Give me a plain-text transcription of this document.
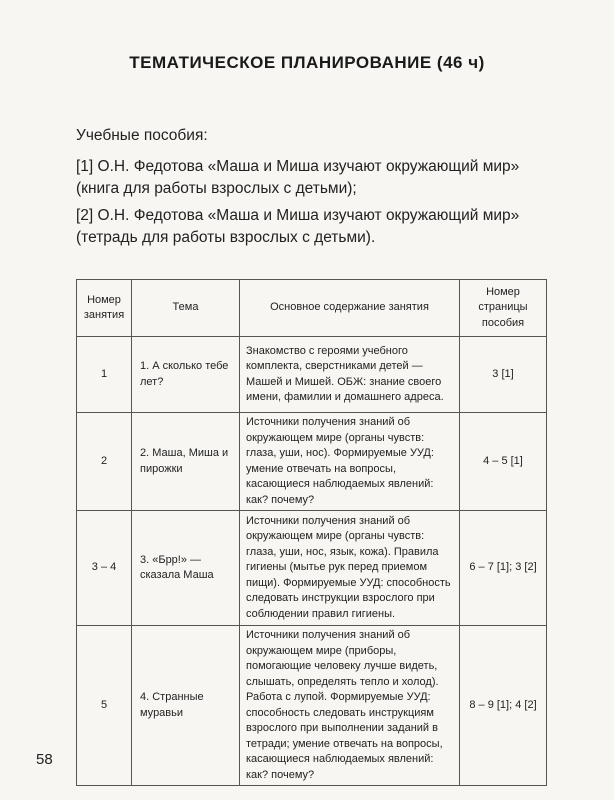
ТЕМАТИЧЕСКОЕ ПЛАНИРОВАНИЕ (46 ч)
Учебные пособия:
[1] О.Н. Федотова «Маша и Миша изучают окружающий мир» (книга для работы взрослых с детьми);
[2] О.Н. Федотова «Маша и Миша изучают окружающий мир» (тетрадь для работы взрослых с детьми).
Номер занятия	Тема	Основное содержание занятия	Номер страницы пособия
1	1. А сколько тебе лет?	Знакомство с героями учебного комплекта, сверстниками детей — Машей и Мишей. ОБЖ: знание своего имени, фамилии и домашнего адреса.	3 [1]
2	2. Маша, Миша и пирожки	Источники получения знаний об окружающем мире (органы чувств: глаза, уши, нос). Формируемые УУД: умение отвечать на вопросы, касающиеся наблюдаемых явлений: как? почему?	4 – 5 [1]
3 – 4	3. «Брр!» — сказала Маша	Источники получения знаний об окружающем мире (органы чувств: глаза, уши, нос, язык, кожа). Правила гигиены (мытье рук перед приемом пищи). Формируемые УУД: способность следовать инструкции взрослого при соблюдении правил гигиены.	6 – 7 [1]; 3 [2]
5	4. Странные муравьи	Источники получения знаний об окружающем мире (приборы, помогающие человеку лучше видеть, слышать, определять тепло и холод). Работа с лупой. Формируемые УУД: способность следовать инструкциям взрослого при выполнении заданий в тетради; умение отвечать на вопросы, касающиеся наблюдаемых явлений: как? почему?	8 – 9 [1]; 4 [2]
58
